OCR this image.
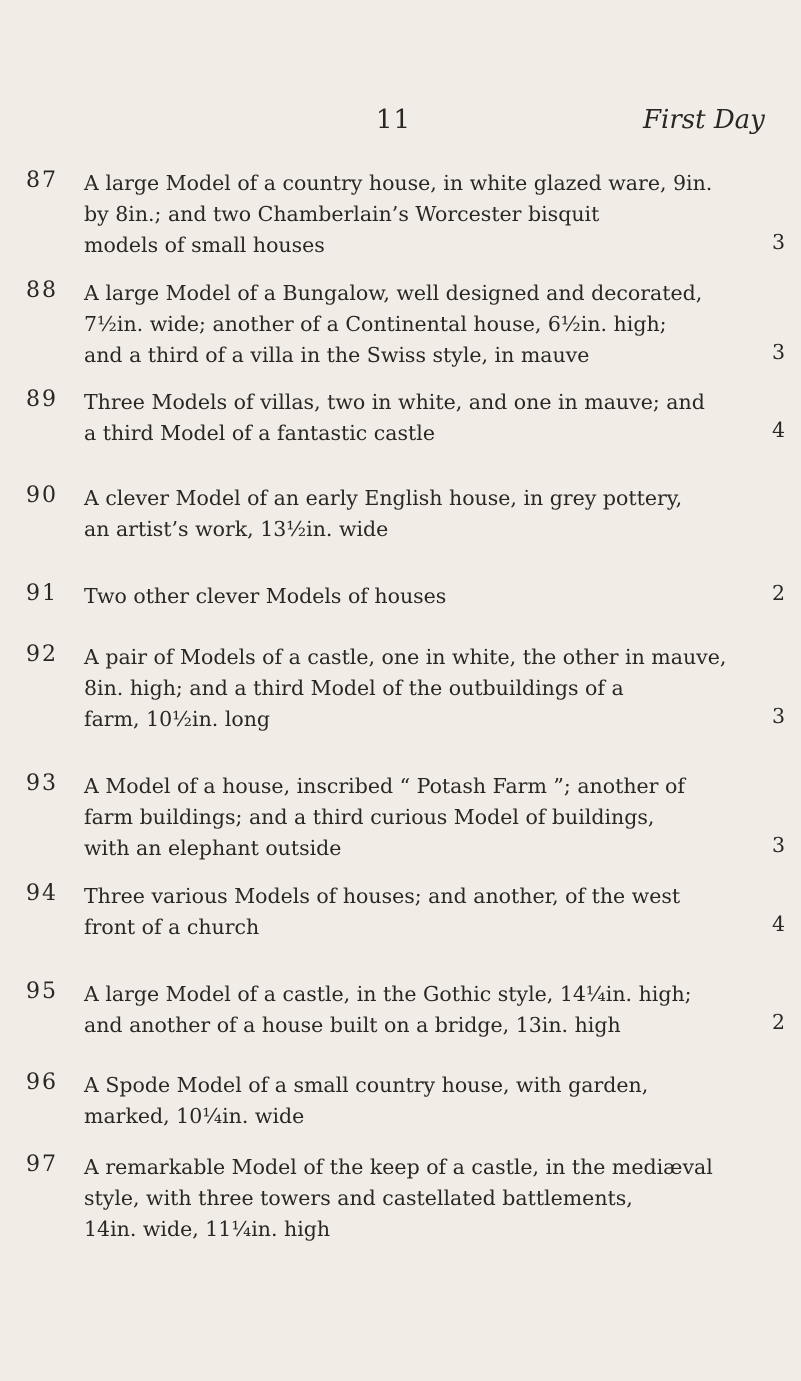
11	First Day
87 A large Model of a country house, in white glazed ware, 9in.
by 8in.; and two Chamberlain’s Worcester bisquit
models of small houses	3
88 A large Model of a Bungalow, well designed and decorated,
7½in. wide; another of a Continental house, 6½in. high;
and a third of a villa in the Swiss style, in mauve	3
89 Three Models of villas, two in white, and one in mauve; and
a third Model of a fantastic castle	4
90 A clever Model of an early English house, in grey pottery,
an artist’s work, 13½in. wide
91 Two other clever Models of houses	2
92 A pair of Models of a castle, one in white, the other in mauve,
8in. high; and a third Model of the outbuildings of a
farm, 10½in. long	3
93 A Model of a house, inscribed “ Potash Farm ”; another of
farm buildings; and a third curious Model of buildings,
with an elephant outside	3
94 Three various Models of houses; and another, of the west
front of a church	4
95 A large Model of a castle, in the Gothic style, 14¼in. high;
and another of a house built on a bridge, 13in. high	2
96 A Spode Model of a small country house, with garden,
marked, 10¼in. wide
97 A remarkable Model of the keep of a castle, in the mediæval
style, with three towers and castellated battlements,
14in. wide, 11¼in. high
